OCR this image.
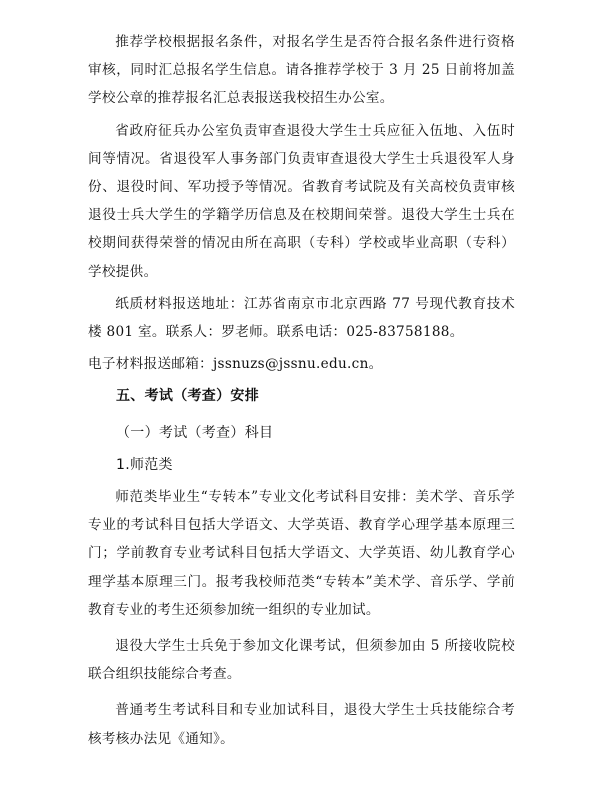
推荐学校根据报名条件，对报名学生是否符合报名条件进行资格审核，同时汇总报名学生信息。请各推荐学校于 3 月 25 日前将加盖学校公章的推荐报名汇总表报送我校招生办公室。

省政府征兵办公室负责审查退役大学生士兵应征入伍地、入伍时间等情况。省退役军人事务部门负责审查退役大学生士兵退役军人身份、退役时间、军功授予等情况。省教育考试院及有关高校负责审核退役士兵大学生的学籍学历信息及在校期间荣誉。退役大学生士兵在校期间获得荣誉的情况由所在高职（专科）学校或毕业高职（专科）学校提供。

纸质材料报送地址：江苏省南京市北京西路 77 号现代教育技术楼 801 室。联系人：罗老师。联系电话：025-83758188。

电子材料报送邮箱：jssnuzs@jssnu.edu.cn。

五、考试（考查）安排

（一）考试（考查）科目

1.师范类

师范类毕业生“专转本”专业文化考试科目安排：美术学、音乐学专业的考试科目包括大学语文、大学英语、教育学心理学基本原理三门；学前教育专业考试科目包括大学语文、大学英语、幼儿教育学心理学基本原理三门。报考我校师范类“专转本”美术学、音乐学、学前教育专业的考生还须参加统一组织的专业加试。

退役大学生士兵免于参加文化课考试，但须参加由 5 所接收院校联合组织技能综合考查。

普通考生考试科目和专业加试科目，退役大学生士兵技能综合考核考核办法见《通知》。
